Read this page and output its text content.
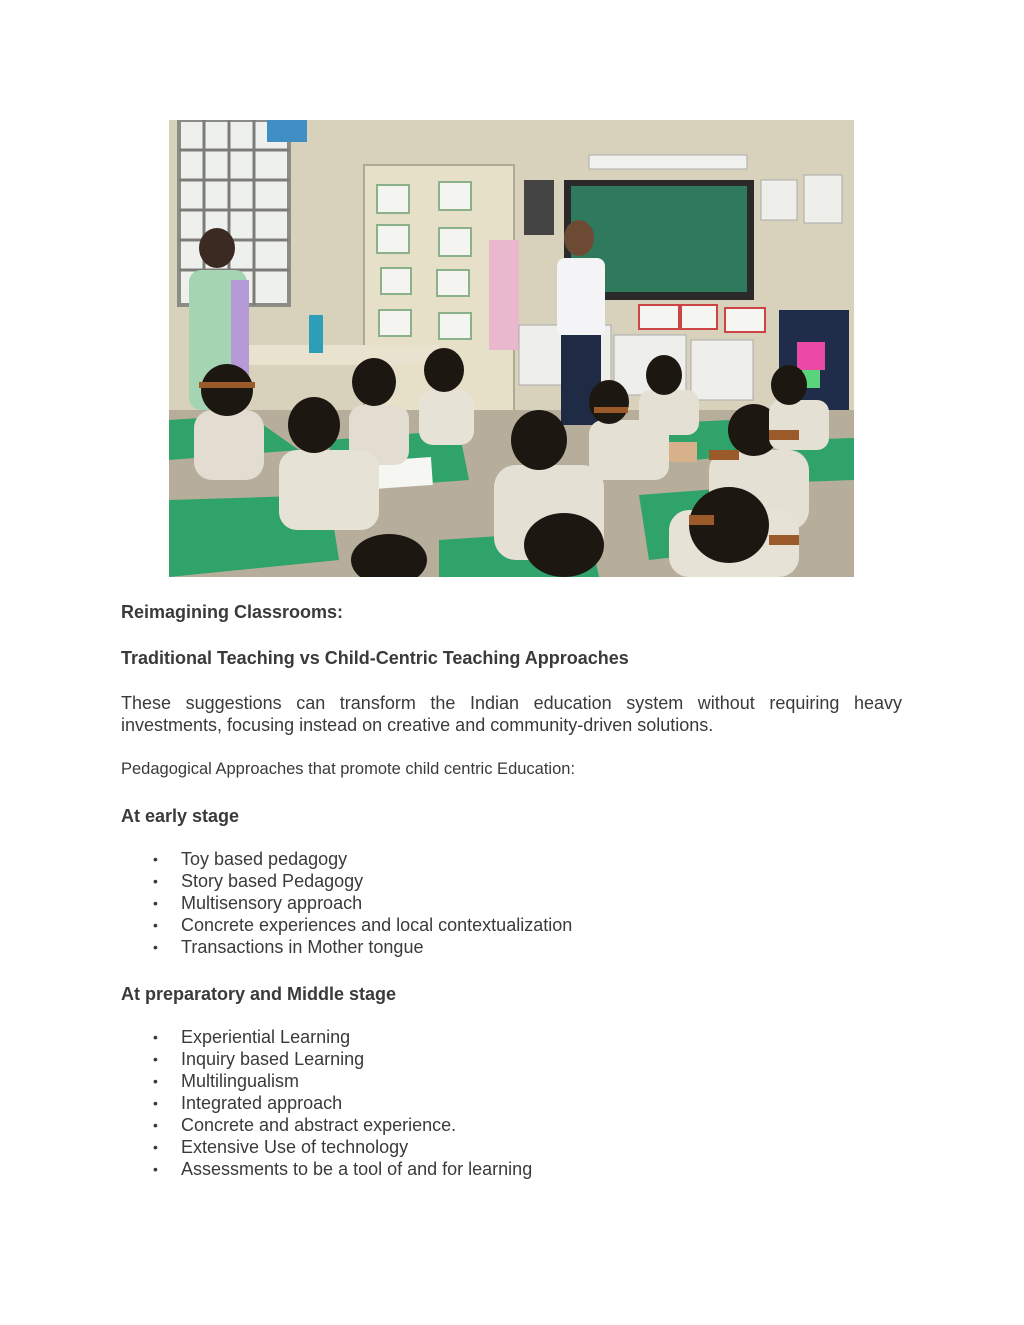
Reimagining Classrooms:

Traditional Teaching vs Child-Centric Teaching Approaches

These suggestions can transform the Indian education system without requiring heavy investments, focusing instead on creative and community-driven solutions.

Pedagogical Approaches that promote child centric Education:

At early stage

• Toy based pedagogy
• Story based Pedagogy
• Multisensory approach
• Concrete experiences and local contextualization
• Transactions in Mother tongue

At preparatory and Middle stage

• Experiential Learning
• Inquiry based Learning
• Multilingualism
• Integrated approach
• Concrete and abstract experience.
• Extensive Use of technology
• Assessments to be a tool of and for learning
